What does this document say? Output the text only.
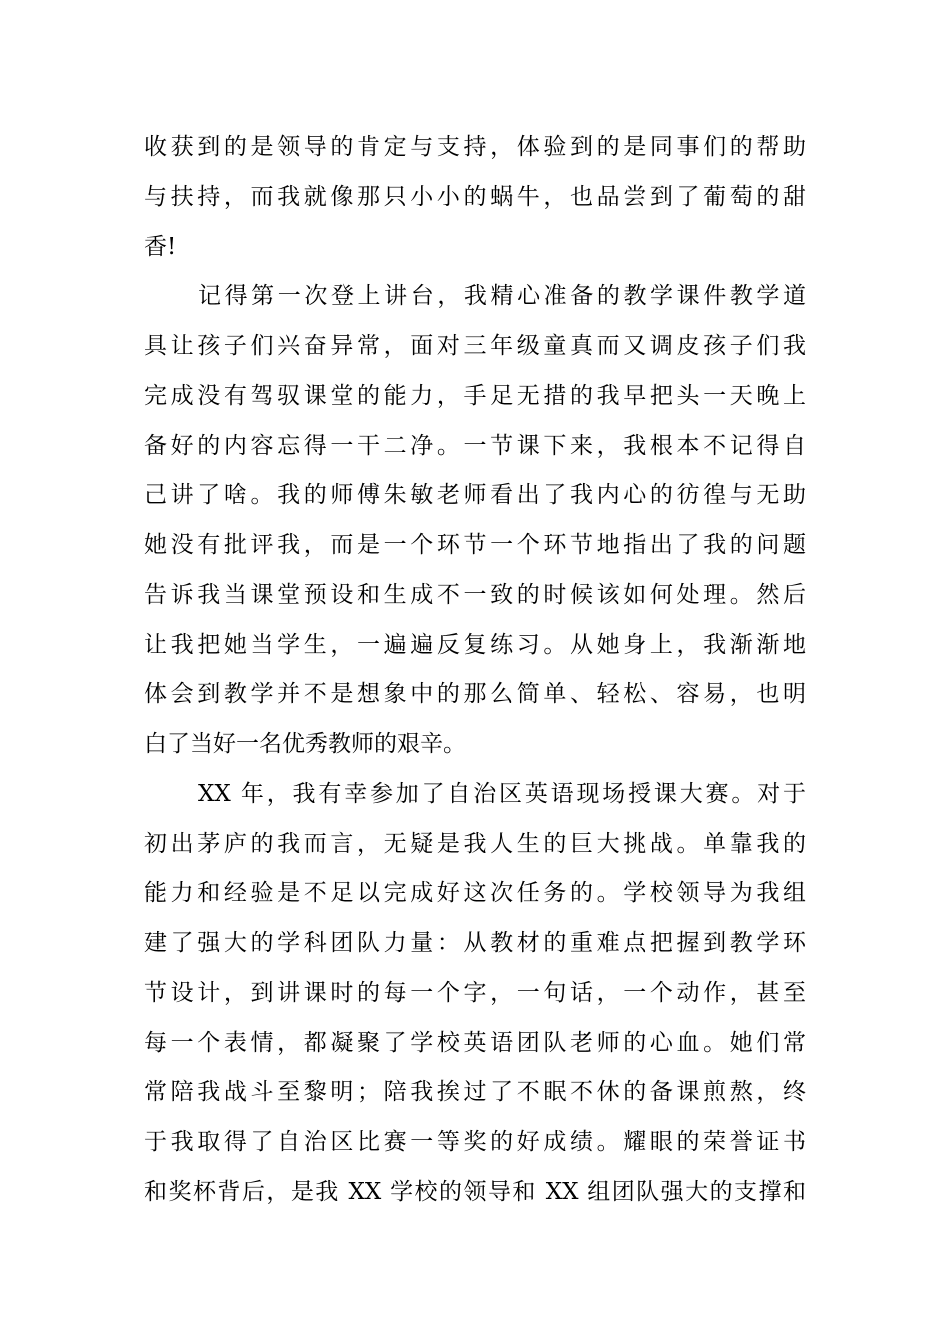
收获到的是领导的肯定与支持，体验到的是同事们的帮助
与扶持，而我就像那只小小的蜗牛，也品尝到了葡萄的甜
香!
记得第一次登上讲台，我精心准备的教学课件教学道
具让孩子们兴奋异常，面对三年级童真而又调皮孩子们我
完成没有驾驭课堂的能力，手足无措的我早把头一天晚上
备好的内容忘得一干二净。一节课下来，我根本不记得自
己讲了啥。我的师傅朱敏老师看出了我内心的彷徨与无助
她没有批评我，而是一个环节一个环节地指出了我的问题
告诉我当课堂预设和生成不一致的时候该如何处理。然后
让我把她当学生，一遍遍反复练习。从她身上，我渐渐地
体会到教学并不是想象中的那么简单、轻松、容易，也明
白了当好一名优秀教师的艰辛。
XX 年，我有幸参加了自治区英语现场授课大赛。对于
初出茅庐的我而言，无疑是我人生的巨大挑战。单靠我的
能力和经验是不足以完成好这次任务的。学校领导为我组
建了强大的学科团队力量：从教材的重难点把握到教学环
节设计，到讲课时的每一个字，一句话，一个动作，甚至
每一个表情，都凝聚了学校英语团队老师的心血。她们常
常陪我战斗至黎明；陪我挨过了不眠不休的备课煎熬，终
于我取得了自治区比赛一等奖的好成绩。耀眼的荣誉证书
和奖杯背后，是我 XX 学校的领导和 XX 组团队强大的支撑和
